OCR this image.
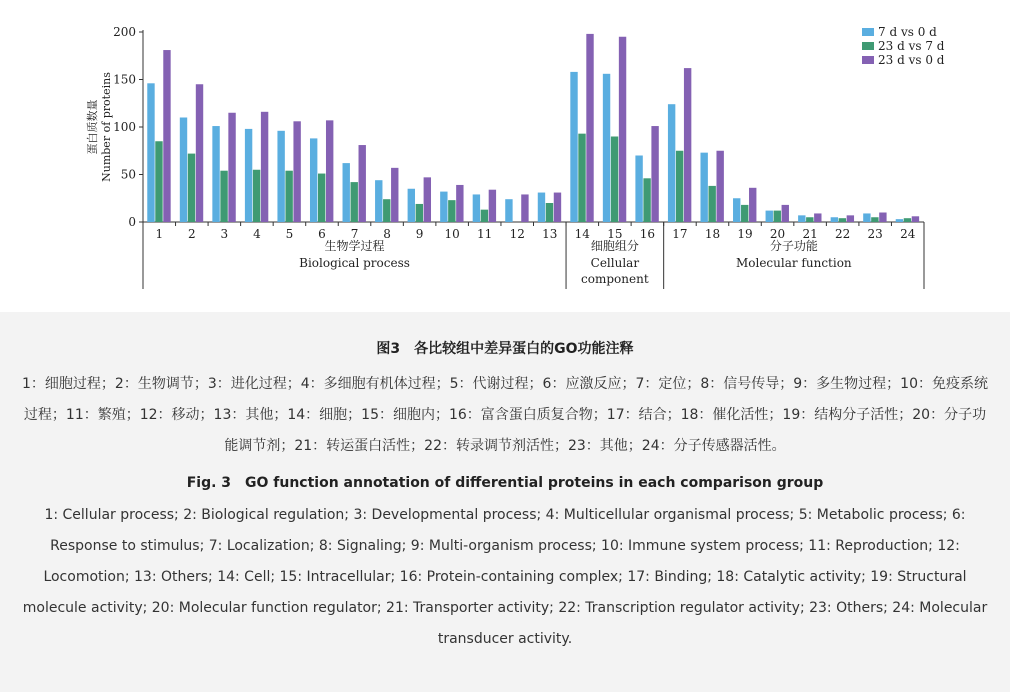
0
50
100
150
200
蛋白质数量 Number of proteins
1 2 3 4 5 6 7 8 9 10 11 12 13 14 15 16 17 18 19 20 21 22 23 24
生物学过程
Biological process
细胞组分
Cellular
component
分子功能
Molecular function
7 d vs 0 d
23 d vs 7 d
23 d vs 0 d

图3　各比较组中差异蛋白的GO功能注释

1：细胞过程；2：生物调节；3：进化过程；4：多细胞有机体过程；5：代谢过程；6：应激反应；7：定位；8：信号传导；9：多生物过程；10：免疫系统过程；11：繁殖；12：移动；13：其他；14：细胞；15：细胞内；16：富含蛋白质复合物；17：结合；18：催化活性；19：结构分子活性；20：分子功能调节剂；21：转运蛋白活性；22：转录调节剂活性；23：其他；24：分子传感器活性。

Fig. 3　GO function annotation of differential proteins in each comparison group

1: Cellular process; 2: Biological regulation; 3: Developmental process; 4: Multicellular organismal process; 5: Metabolic process; 6: Response to stimulus; 7: Localization; 8: Signaling; 9: Multi-organism process; 10: Immune system process; 11: Reproduction; 12: Locomotion; 13: Others; 14: Cell; 15: Intracellular; 16: Protein-containing complex; 17: Binding; 18: Catalytic activity; 19: Structural molecule activity; 20: Molecular function regulator; 21: Transporter activity; 22: Transcription regulator activity; 23: Others; 24: Molecular transducer activity.
